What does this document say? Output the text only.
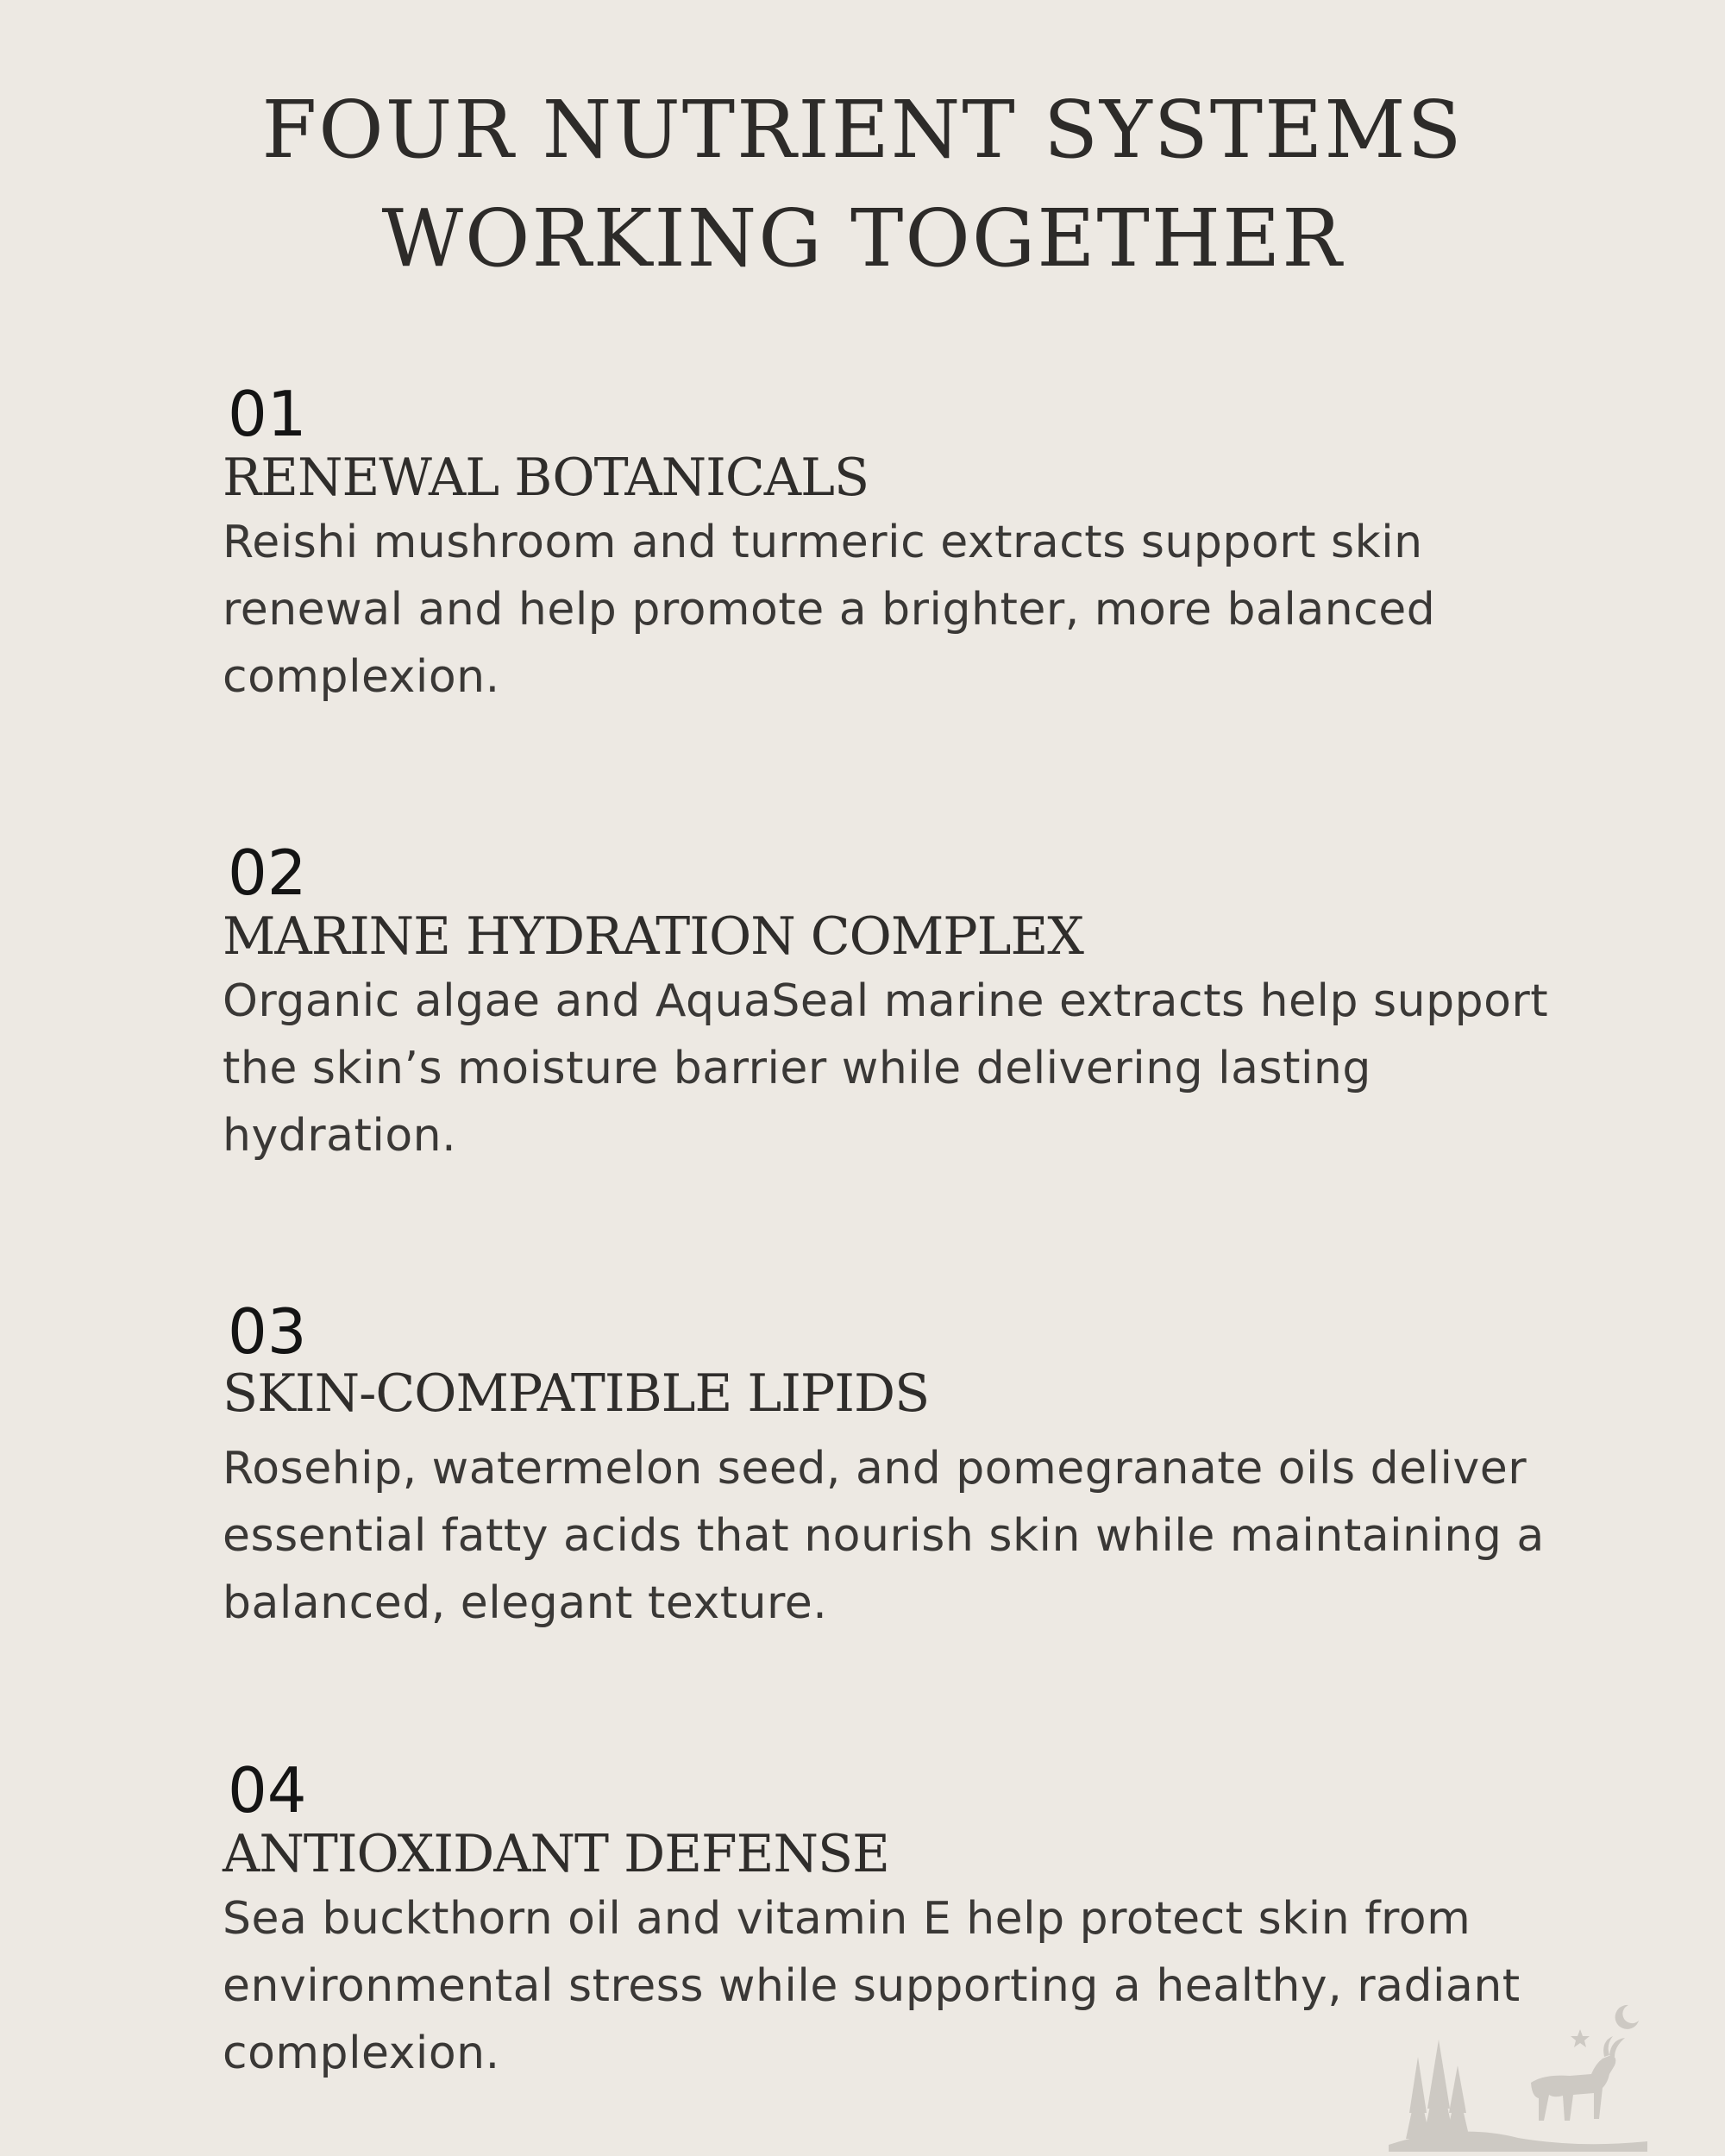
FOUR NUTRIENT SYSTEMS
WORKING TOGETHER
01
RENEWAL BOTANICALS
Reishi mushroom and turmeric extracts support skin renewal and help promote a brighter, more balanced complexion.
02
MARINE HYDRATION COMPLEX
Organic algae and AquaSeal marine extracts help support the skin’s moisture barrier while delivering lasting hydration.
03
SKIN-COMPATIBLE LIPIDS
Rosehip, watermelon seed, and pomegranate oils deliver essential fatty acids that nourish skin while maintaining a balanced, elegant texture.
04
ANTIOXIDANT DEFENSE
Sea buckthorn oil and vitamin E help protect skin from environmental stress while supporting a healthy, radiant complexion.
